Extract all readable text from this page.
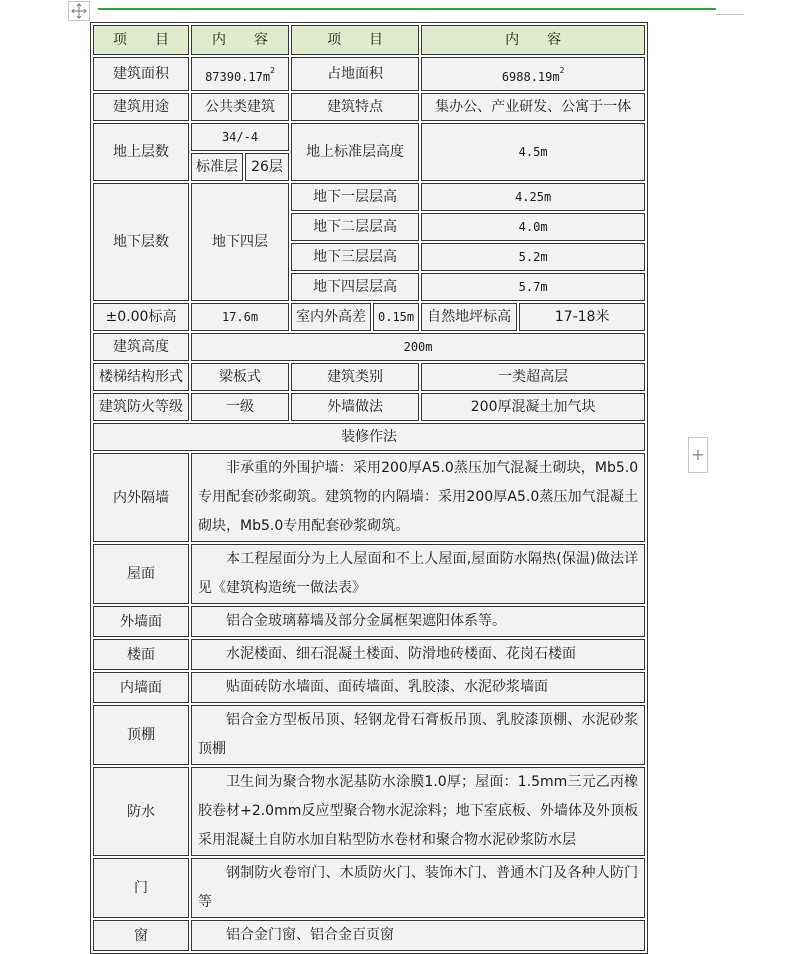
+
项　　目	内　　容		项　　目		内　　容	
建筑面积	$87390.17m^2$		占地面积		$6988.19m^2$
建筑用途	公共类建筑		建筑特点		集办公、产业研发、公寓于一体	
地上层数	34/-4		地上标准层高度		4.5m	
	标准层	26层				
地下层数	地下四层		地下一层层高		4.25m	
			地下二层层高		4.0m	
			地下三层层高		5.2m	
			地下四层层高		5.7m	
±0.00标高	17.6m		室内外高差	0.15m	自然地坪标高	17-18米
建筑高度	200m					
楼梯结构形式	梁板式		建筑类别		一类超高层	
建筑防火等级	一级		外墙做法		200厚混凝土加气块	
装修作法						
内外隔墙	非承重的外围护墙：采用200厚A5.0蒸压加气混凝土砌块，Mb5.0专用配套砂浆砌筑。建筑物的内隔墙：采用200厚A5.0蒸压加气混凝土砌块，Mb5.0专用配套砂浆砌筑。					
屋面	本工程屋面分为上人屋面和不上人屋面,屋面防水隔热(保温)做法详见《建筑构造统一做法表》					
外墙面	铝合金玻璃幕墙及部分金属框架遮阳体系等。					
楼面	水泥楼面、细石混凝土楼面、防滑地砖楼面、花岗石楼面					
内墙面	贴面砖防水墙面、面砖墙面、乳胶漆、水泥砂浆墙面					
顶棚	铝合金方型板吊顶、轻钢龙骨石膏板吊顶、乳胶漆顶棚、水泥砂浆顶棚					
防水	卫生间为聚合物水泥基防水涂膜1.0厚；屋面：1.5mm三元乙丙橡胶卷材+2.0mm反应型聚合物水泥涂料；地下室底板、外墙体及外顶板采用混凝土自防水加自粘型防水卷材和聚合物水泥砂浆防水层					
门	钢制防火卷帘门、木质防火门、装饰木门、普通木门及各种人防门等					
窗	铝合金门窗、铝合金百页窗					
